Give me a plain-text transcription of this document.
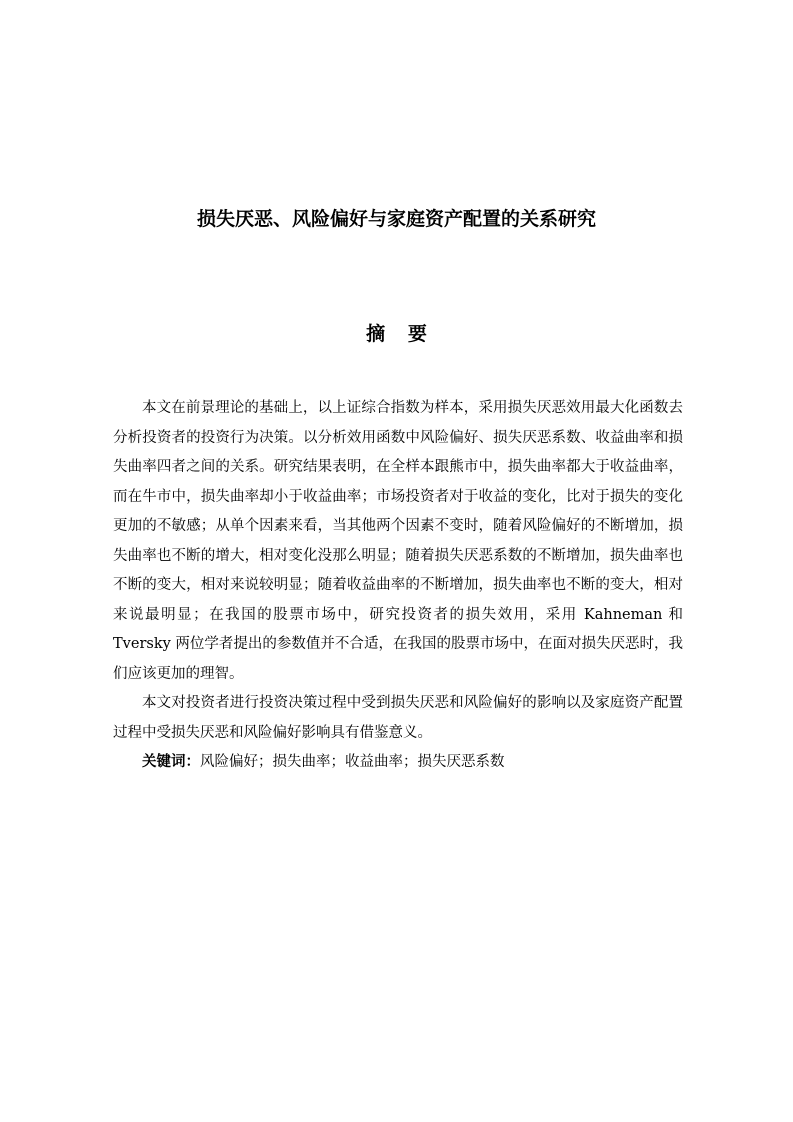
损失厌恶、风险偏好与家庭资产配置的关系研究
摘要

本文在前景理论的基础上，以上证综合指数为样本，采用损失厌恶效用最大化函数去分析投资者的投资行为决策。以分析效用函数中风险偏好、损失厌恶系数、收益曲率和损失曲率四者之间的关系。研究结果表明，在全样本跟熊市中，损失曲率都大于收益曲率，而在牛市中，损失曲率却小于收益曲率；市场投资者对于收益的变化，比对于损失的变化更加的不敏感；从单个因素来看，当其他两个因素不变时，随着风险偏好的不断增加，损失曲率也不断的增大，相对变化没那么明显；随着损失厌恶系数的不断增加，损失曲率也不断的变大，相对来说较明显；随着收益曲率的不断增加，损失曲率也不断的变大，相对来说最明显；在我国的股票市场中，研究投资者的损失效用，采用 Kahneman 和 Tversky 两位学者提出的参数值并不合适，在我国的股票市场中，在面对损失厌恶时，我们应该更加的理智。

本文对投资者进行投资决策过程中受到损失厌恶和风险偏好的影响以及家庭资产配置过程中受损失厌恶和风险偏好影响具有借鉴意义。

关键词：风险偏好；损失曲率；收益曲率；损失厌恶系数
